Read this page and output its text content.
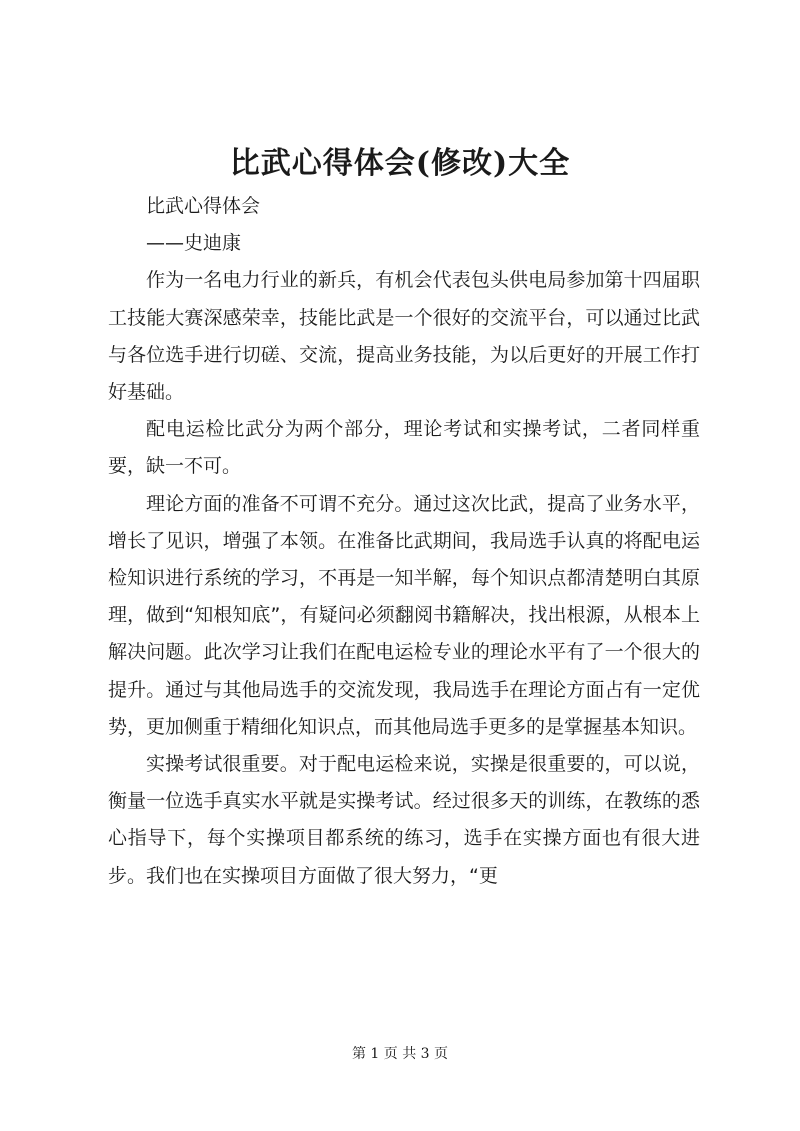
比武心得体会(修改)大全

比武心得体会

——史迪康

作为一名电力行业的新兵，有机会代表包头供电局参加第十四届职工技能大赛深感荣幸，技能比武是一个很好的交流平台，可以通过比武与各位选手进行切磋、交流，提高业务技能，为以后更好的开展工作打好基础。

配电运检比武分为两个部分，理论考试和实操考试，二者同样重要，缺一不可。

理论方面的准备不可谓不充分。通过这次比武，提高了业务水平，增长了见识，增强了本领。在准备比武期间，我局选手认真的将配电运检知识进行系统的学习，不再是一知半解，每个知识点都清楚明白其原理，做到“知根知底”，有疑问必须翻阅书籍解决，找出根源，从根本上解决问题。此次学习让我们在配电运检专业的理论水平有了一个很大的提升。通过与其他局选手的交流发现，我局选手在理论方面占有一定优势，更加侧重于精细化知识点，而其他局选手更多的是掌握基本知识。

实操考试很重要。对于配电运检来说，实操是很重要的，可以说，衡量一位选手真实水平就是实操考试。经过很多天的训练，在教练的悉心指导下，每个实操项目都系统的练习，选手在实操方面也有很大进步。我们也在实操项目方面做了很大努力，“更

第 1 页 共 3 页
